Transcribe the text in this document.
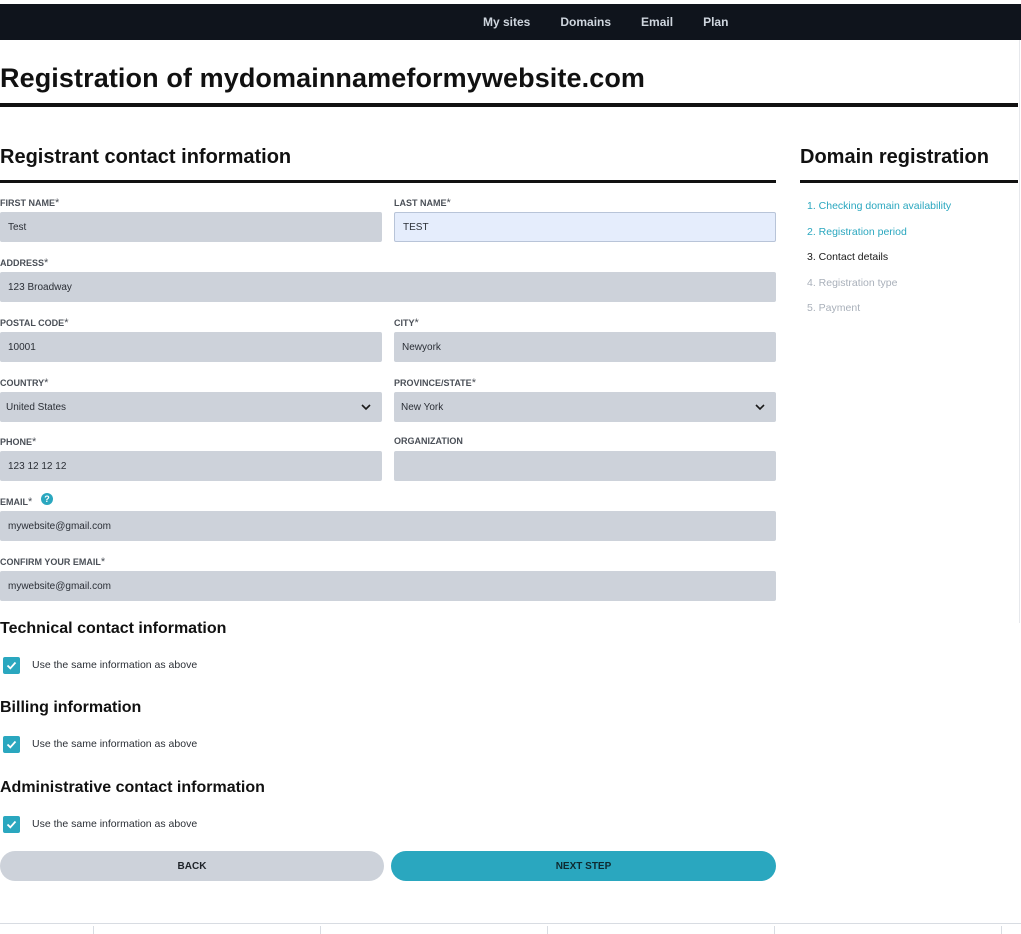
My sites	Domains	Email	Plan
Registration of mydomainnameformywebsite.com
Registrant contact information
FIRST NAME*
Test
LAST NAME*
TEST
ADDRESS*
123 Broadway
POSTAL CODE*
10001
CITY*
Newyork
COUNTRY*
United States
PROVINCE/STATE*
New York
PHONE*
123 12 12 12
ORGANIZATION
EMAIL*	?
mywebsite@gmail.com
CONFIRM YOUR EMAIL*
mywebsite@gmail.com
Technical contact information
Use the same information as above
Billing information
Use the same information as above
Administrative contact information
Use the same information as above
BACK	NEXT STEP
Domain registration
1. Checking domain availability
2. Registration period
3. Contact details
4. Registration type
5. Payment
